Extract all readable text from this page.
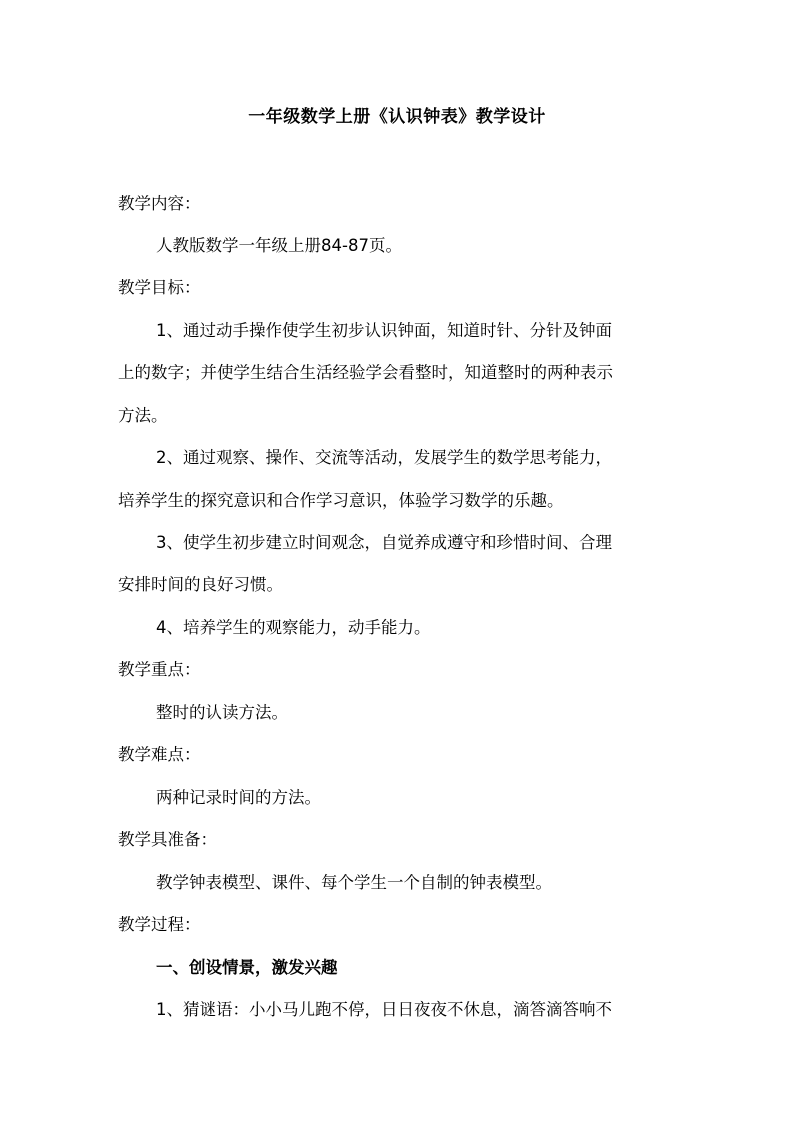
一年级数学上册《认识钟表》教学设计
教学内容：
人教版数学一年级上册84-87页。
教学目标：
1、通过动手操作使学生初步认识钟面，知道时针、分针及钟面
上的数字；并使学生结合生活经验学会看整时，知道整时的两种表示
方法。
2、通过观察、操作、交流等活动，发展学生的数学思考能力，
培养学生的探究意识和合作学习意识，体验学习数学的乐趣。
3、使学生初步建立时间观念，自觉养成遵守和珍惜时间、合理
安排时间的良好习惯。
4、培养学生的观察能力，动手能力。
教学重点：
整时的认读方法。
教学难点：
两种记录时间的方法。
教学具准备：
教学钟表模型、课件、每个学生一个自制的钟表模型。
教学过程：
一、创设情景，激发兴趣
1、猜谜语：小小马儿跑不停，日日夜夜不休息，滴答滴答响不
